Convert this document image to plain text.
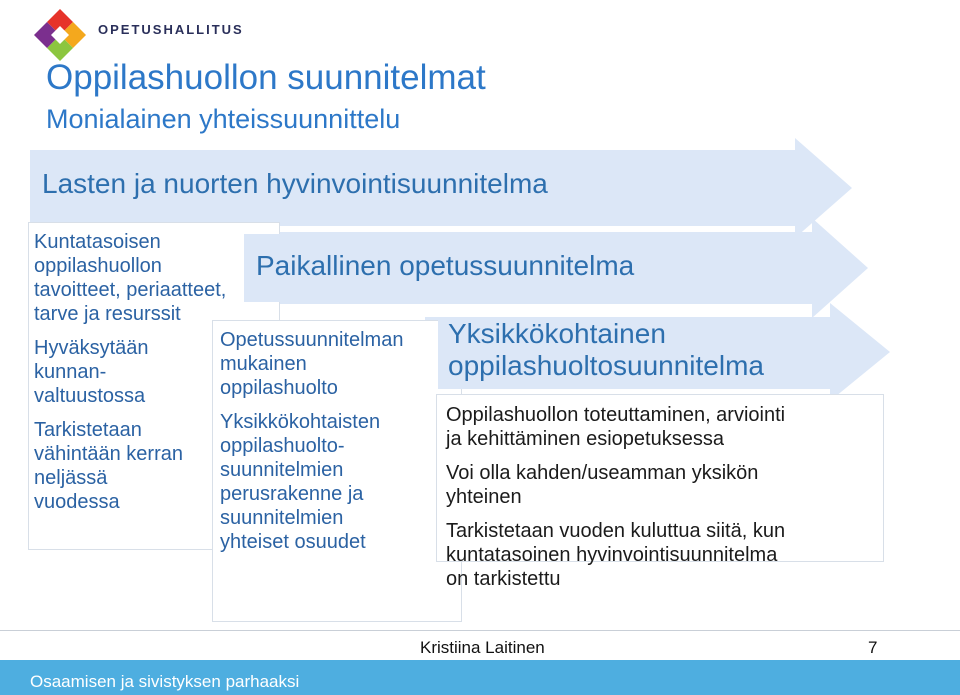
OPETUSHALLITUS
Oppilashuollon suunnitelmat
Monialainen yhteissuunnittelu
Lasten ja nuorten hyvinvointisuunnitelma
Kuntatasoisen
oppilashuollon
tavoitteet, periaatteet,
tarve ja resurssit
Hyväksytään
kunnan-
valtuustossa
Tarkistetaan
vähintään kerran
neljässä
vuodessa
Paikallinen opetussuunnitelma
Opetussuunnitelman
mukainen
oppilashuolto
Yksikkökohtaisten
oppilashuolto-
suunnitelmien
perusrakenne ja
suunnitelmien
yhteiset osuudet
Yksikkökohtainen
oppilashuoltosuunnitelma
Oppilashuollon toteuttaminen, arviointi
ja kehittäminen esiopetuksessa
Voi olla kahden/useamman yksikön
yhteinen
Tarkistetaan vuoden kuluttua siitä, kun
kuntatasoinen hyvinvointisuunnitelma
on tarkistettu
Kristiina Laitinen	7
Osaamisen ja sivistyksen parhaaksi
